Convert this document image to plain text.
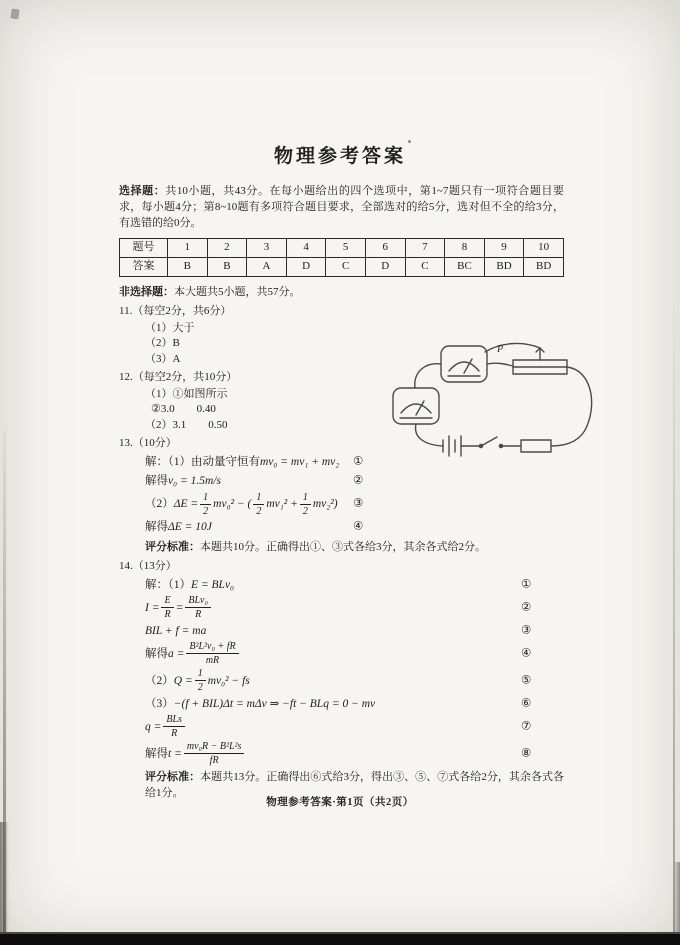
物理参考答案

选择题：共10小题，共43分。在每小题给出的四个选项中，第1~7题只有一项符合题目要求，每小题4分；第8~10题有多项符合题目要求，全部选对的给5分，选对但不全的给3分，有选错的给0分。

题号	1	2	3	4	5	6	7	8	9	10
答案	B	B	A	D	C	D	C	BC	BD	BD

非选择题：本大题共5小题，共57分。

11.（每空2分，共6分）

（1）大于

（2）B

（3）A

12.（每空2分，共10分）

（1）①如图所示

②3.0  0.40

（2）3.1  0.50

13.（10分）

解：（1）由动量守恒有 mv₀ = mv₁ + mv₂ ①
解得 v₀ = 1.5m/s	②
（2） $\Delta E = \frac{1}{2} mv_0^2$ − ( $\frac{1}{2} mv_1^2 + \frac{1}{2} mv_2^2$) ③
解得 ΔE = 10J	④

评分标准：本题共10分。正确得出①、③式各给3分，其余各式给2分。

14.（13分）

解：（1） E = BLv₀	①
$I = \frac{E}{R} = \frac{\text{BLv₀}}{R}$	②
BIL + f = ma	③
解得 $a = \frac{\text{B²L²v₀ + fR}}{mR}$	④
（2） $Q = \frac{1}{2} mv_0^2$ − fs	⑤
（3） −(f + BIL)Δt = mΔv ⇒ −ft − BLq = 0 − mv	⑥
$q = \frac{\text{BLs}}{R}$	⑦
解得 $t = \frac{\text{mv₀R − B²L²s}}{fR}$	⑧

评分标准：本题共13分。正确得出⑥式给3分，得出③、⑤、⑦式各给2分，其余各式各给1分。

P
物理参考答案·第1页（共2页）
